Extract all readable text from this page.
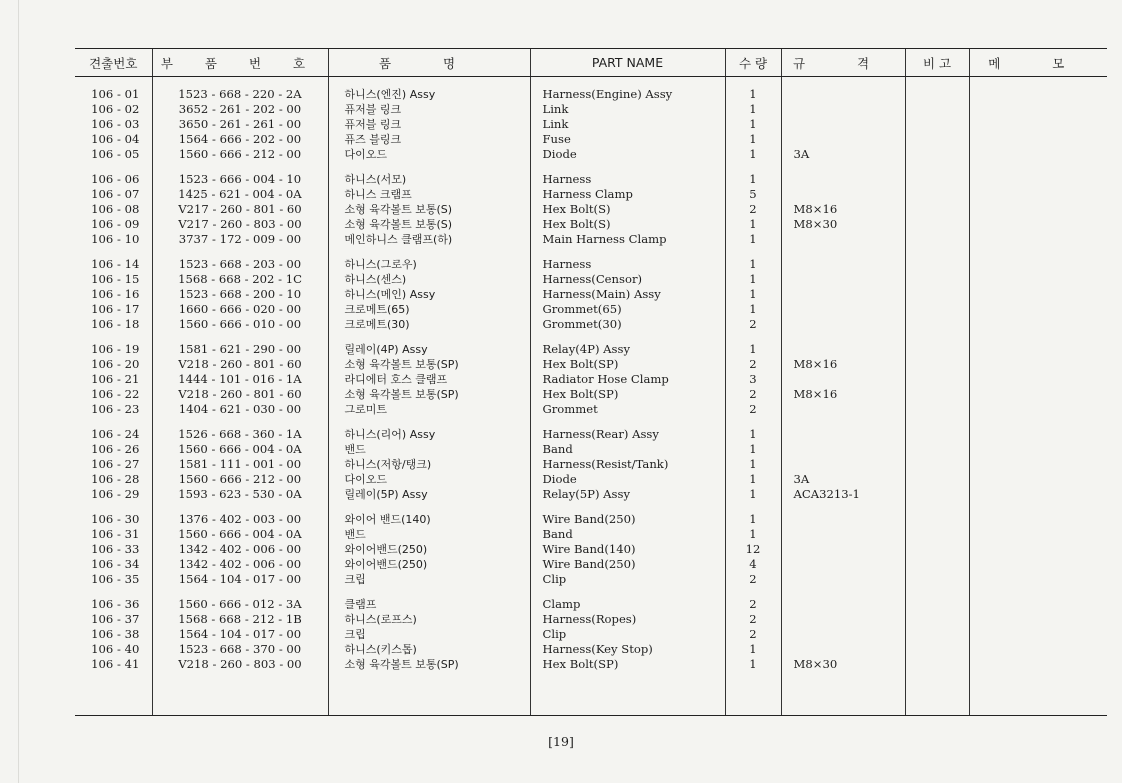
견출번호	부 품 번 호	품 명	PART NAME	수 량	규 격	비 고	메 모
106 - 01	1523 - 668 - 220 - 2A	하니스(엔진) Assy	Harness(Engine) Assy	1			
106 - 02	3652 - 261 - 202 - 00	퓨저블 링크	Link	1			
106 - 03	3650 - 261 - 261 - 00	퓨저블 링크	Link	1			
106 - 04	1564 - 666 - 202 - 00	퓨즈 블링크	Fuse	1			
106 - 05	1560 - 666 - 212 - 00	다이오드	Diode	1	3A		
106 - 06	1523 - 666 - 004 - 10	하니스(서모)	Harness	1			
106 - 07	1425 - 621 - 004 - 0A	하니스 크램프	Harness Clamp	5			
106 - 08	V217 - 260 - 801 - 60	소형 육각볼트 보통(S)	Hex Bolt(S)	2	M8×16		
106 - 09	V217 - 260 - 803 - 00	소형 육각볼트 보통(S)	Hex Bolt(S)	1	M8×30		
106 - 10	3737 - 172 - 009 - 00	메인하니스 클램프(하)	Main Harness Clamp	1			
106 - 14	1523 - 668 - 203 - 00	하니스(그로우)	Harness	1			
106 - 15	1568 - 668 - 202 - 1C	하니스(센스)	Harness(Censor)	1			
106 - 16	1523 - 668 - 200 - 10	하니스(메인) Assy	Harness(Main) Assy	1			
106 - 17	1660 - 666 - 020 - 00	크로메트(65)	Grommet(65)	1			
106 - 18	1560 - 666 - 010 - 00	크로메트(30)	Grommet(30)	2			
106 - 19	1581 - 621 - 290 - 00	릴레이(4P) Assy	Relay(4P) Assy	1			
106 - 20	V218 - 260 - 801 - 60	소형 육각볼트 보통(SP)	Hex Bolt(SP)	2	M8×16		
106 - 21	1444 - 101 - 016 - 1A	라디에터 호스 클램프	Radiator Hose Clamp	3			
106 - 22	V218 - 260 - 801 - 60	소형 육각볼트 보통(SP)	Hex Bolt(SP)	2	M8×16		
106 - 23	1404 - 621 - 030 - 00	그로미트	Grommet	2			
106 - 24	1526 - 668 - 360 - 1A	하니스(리어) Assy	Harness(Rear) Assy	1			
106 - 26	1560 - 666 - 004 - 0A	밴드	Band	1			
106 - 27	1581 - 111 - 001 - 00	하니스(저항/탱크)	Harness(Resist/Tank)	1			
106 - 28	1560 - 666 - 212 - 00	다이오드	Diode	1	3A		
106 - 29	1593 - 623 - 530 - 0A	릴레이(5P) Assy	Relay(5P) Assy	1	ACA3213-1		
106 - 30	1376 - 402 - 003 - 00	와이어 밴드(140)	Wire Band(250)	1			
106 - 31	1560 - 666 - 004 - 0A	밴드	Band	1			
106 - 33	1342 - 402 - 006 - 00	와이어밴드(250)	Wire Band(140)	12			
106 - 34	1342 - 402 - 006 - 00	와이어밴드(250)	Wire Band(250)	4			
106 - 35	1564 - 104 - 017 - 00	크립	Clip	2			
106 - 36	1560 - 666 - 012 - 3A	클램프	Clamp	2			
106 - 37	1568 - 668 - 212 - 1B	하니스(로프스)	Harness(Ropes)	2			
106 - 38	1564 - 104 - 017 - 00	크립	Clip	2			
106 - 40	1523 - 668 - 370 - 00	하니스(키스톱)	Harness(Key Stop)	1			
106 - 41	V218 - 260 - 803 - 00	소형 육각볼트 보통(SP)	Hex Bolt(SP)	1	M8×30		

[19]
